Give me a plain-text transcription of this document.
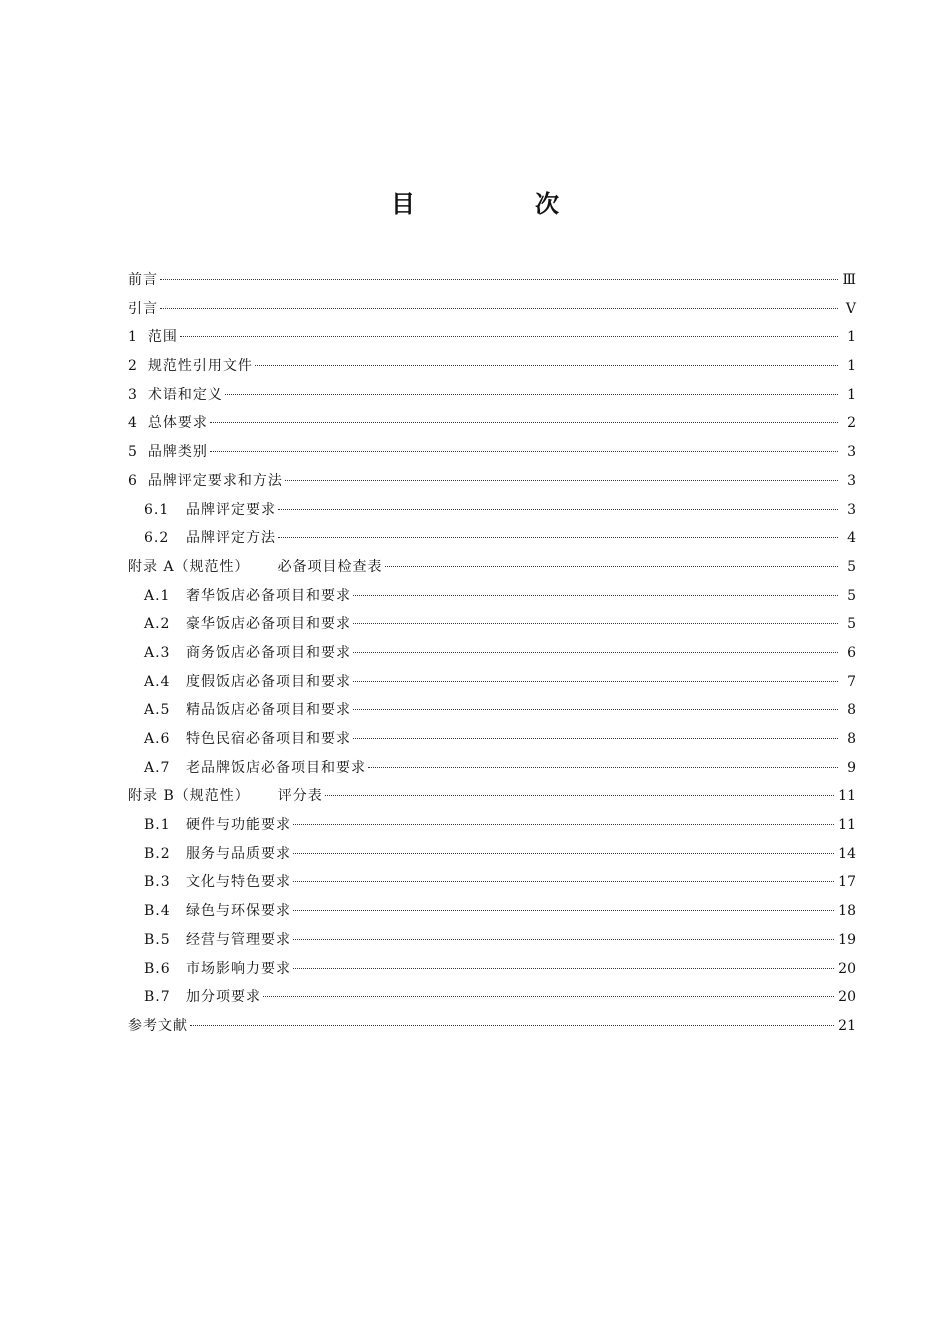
目　次
前言	Ⅲ
引言	Ⅴ
1 范围	1
2 规范性引用文件	1
3 术语和定义	1
4 总体要求	2
5 品牌类别	3
6 品牌评定要求和方法	3
6.1	品牌评定要求	3
6.2	品牌评定方法	4
附录 A（规范性） 必备项目检查表	5
A.1 奢华饭店必备项目和要求	5
A.2 豪华饭店必备项目和要求	5
A.3 商务饭店必备项目和要求	6
A.4 度假饭店必备项目和要求	7
A.5 精品饭店必备项目和要求	8
A.6 特色民宿必备项目和要求	8
A.7 老品牌饭店必备项目和要求	9
附录 B（规范性） 评分表	11
B.1 硬件与功能要求	11
B.2 服务与品质要求	14
B.3 文化与特色要求	17
B.4 绿色与环保要求	18
B.5 经营与管理要求	19
B.6 市场影响力要求	20
B.7 加分项要求	20
参考文献	21
